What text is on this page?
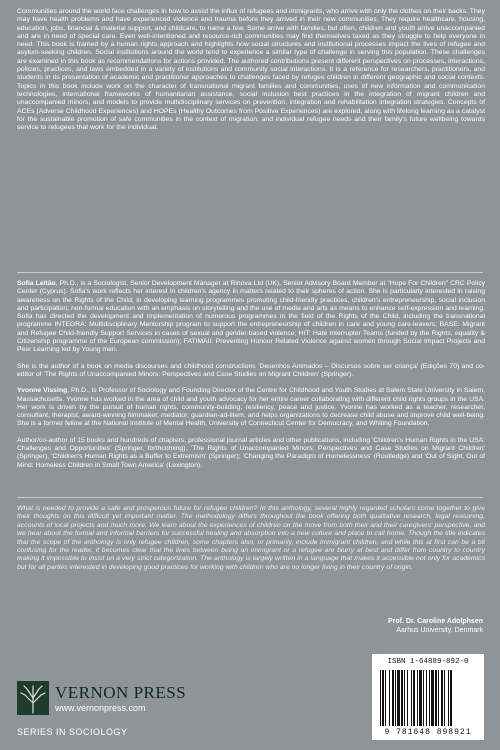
Communities around the world face challenges in how to assist the influx of refugees and immigrants, who arrive with only the clothes on their backs. They may have health problems and have experienced violence and trauma before they arrived in their new communities. They require healthcare, housing, education, jobs, financial & material support, and childcare, to name a few. Some arrive with families, but often, children and youth arrive unaccompanied and are in need of special care. Even well-intentioned and resource-rich communities may find themselves taxed as they struggle to help everyone in need. This book is framed by a human rights approach and highlights how social structures and institutional processes impact the lives of refugee and asylum-seeking children. Social institutions around the world tend to experience a similar type of challenge in serving this population. These challenges are examined in this book as recommendations for actions provided. The authored contributions present different perspectives on processes, interactions, policies, practices, and laws embedded in a variety of institutions and community social interactions. It is a reference for researchers, practitioners, and students in its presentation of academic and practitioner approaches to challenges faced by refugee children in different geographic and social contexts. Topics in this book include work on the character of transnational migrant families and communities, uses of new information and communication technologies, international frameworks of humanitarian assistance, social inclusion best practices in the integration of migrant children and unaccompanied minors, and models to provide multidisciplinary services on prevention, integration and rehabilitation integration strategies. Concepts of ACEs (Adverse Childhood Experiences) and HOPEs (Healthy Outcomes from Positive Experiences) are explored, along with lifelong learning as a catalyst for the sustainable promotion of safe communities in the context of migration; and individual refugee needs and their family's future wellbeing towards service to refugees that work for the individual.

Sofia Leitão, Ph.D., is a Sociologist, Senior Development Manager at Rinova Ltd (UK), Senior Advisory Board Member at "Hope For Children" CRC Policy Center (Cyprus). Sofia's work reflects her interest in children's agency in matters related to their spheres of action. She is particularly interested in raising awareness on the Rights of the Child; in developing learning programmes promoting child-friendly practices, children's entrepreneurship, social inclusion and participation; non-formal education with an emphasis on storytelling and the use of media and arts as means to enhance self-expression and learning. Sofia has directed the development and implementation of numerous programmes in the field of the Rights of the Child, including the transnational programme INTEGRA: Multidisciplinary Mentorship program to support the entrepreneurship of children in care and young care-leavers; BASE: Migrant and Refugee Child-friendly Support Services in cases of sexual and gender-based violence; HIT: Hate Interrupter Teams (funded by the Rights, equality & Citizenship programme of the European commission); FATIMAII: Preventing Honour Related Violence against women through Social Impact Projects and Peer Learning led by Young men.

She is the author of a book on media discourses and childhood constructions 'Desenhos Animados – Discursos sobre ser criança' (Edições 70) and co-editor of 'The Rights of Unaccompanied Minors: Perspectives and Case Studies on Migrant Children' (Springer).

Yvonne Vissing, Ph.D., is Professor of Sociology and Founding Director of the Centre for Childhood and Youth Studies at Salem State University in Salem, Massachusetts. Yvonne has worked in the area of child and youth advocacy for her entire career collaborating with different child rights groups in the USA. Her work is driven by the pursuit of human rights, community-building, resiliency, peace and justice. Yvonne has worked as a teacher, researcher, consultant, therapist, award-winning filmmaker, mediator, guardian-ad-litem, and helps organizations to decrease child abuse and improve child well-being. She is a former fellow at the National Institute of Mental Health, University of Connecticut Center for Democracy, and Whiting Foundation.

Author/co-author of 15 books and hundreds of chapters, professional journal articles and other publications, including 'Children's Human Rights in the USA: Challenges and Opportunities' (Springer, forthcoming), 'The Rights of Unaccompanied Minors: Perspectives and Case Studies on Migrant Children' (Springer), 'Children's Human Rights as a Buffer to Extremism' (Springer); 'Changing the Paradigm of Homelessness' (Routledge) and 'Out of Sight, Out of Mind: Homeless Children in Small Town America' (Lexington).

What is needed to provide a safe and prosperous future for refugee children? In this anthology, several highly regarded scholars come together to give their thoughts on this difficult yet important matter. The methodology differs throughout the book offering both qualitative research, legal reasoning, accounts of local projects and much more. We learn about the experiences of children on the move from both their and their caregivers' perspective, and we hear about the formal and informal barriers for successful healing and absorption into a new culture and place to call home. Though the title indicates that the scope of the anthology is only refugee children, some chapters also, or primarily, include immigrant children, and while this at first can be a bit confusing for the reader, it becomes clear that the lines between being an immigrant or a refugee are blurry at best and differ from country to country making it impossible to insist on a very strict categorization. The anthology is largely written in a language that makes it accessible not only for academics but for all parties interested in developing good practices for working with children who are no longer living in their country of origin.
Prof. Dr. Caroline Adolphsen
Aarhus University, Denmark
VERNON PRESS
www.vernonpress.com
SERIES IN SOCIOLOGY
ISBN 1-64889-892-0
9 781648 898921
